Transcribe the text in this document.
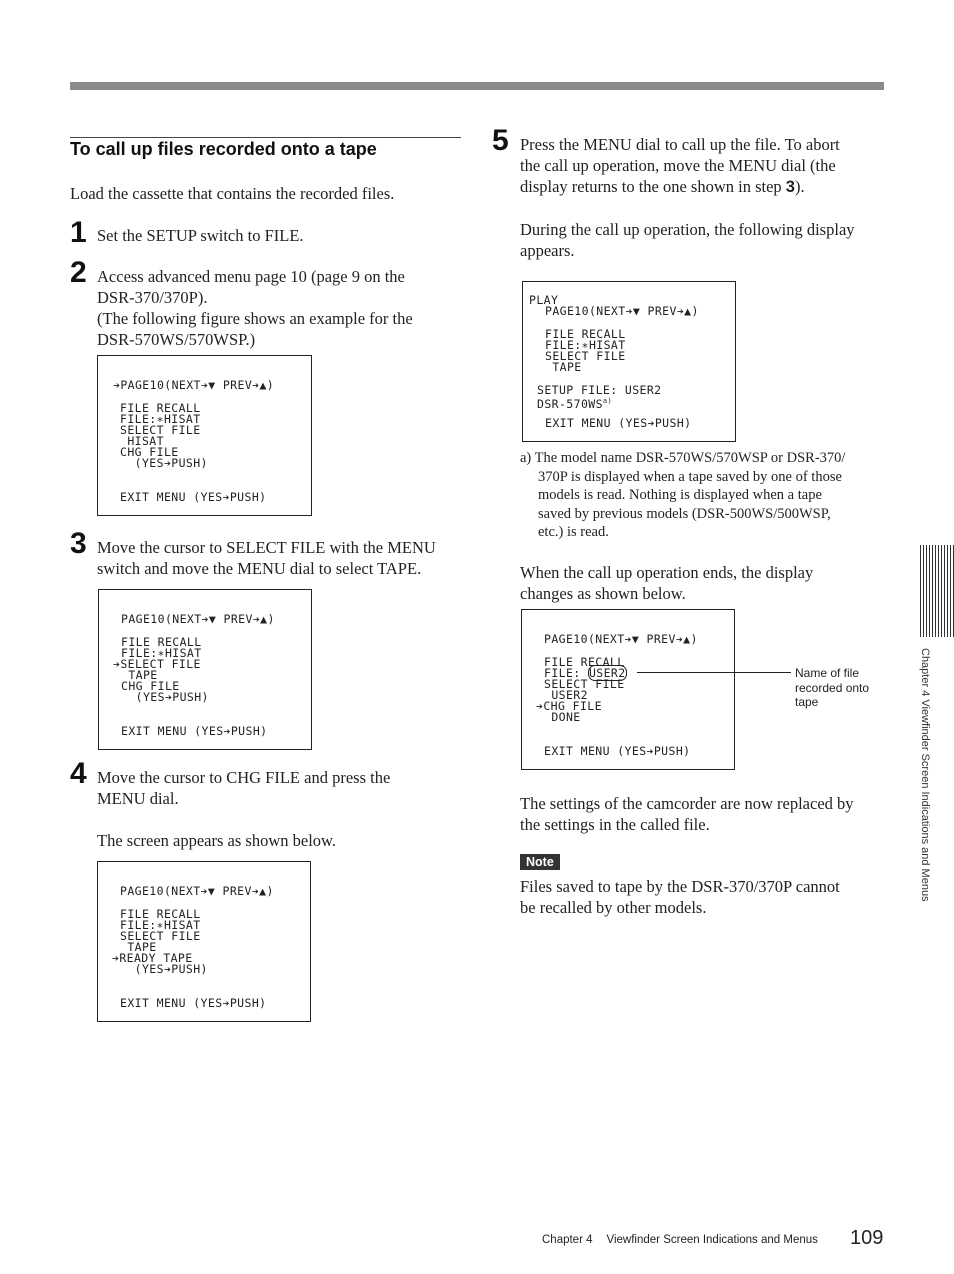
To call up files recorded onto a tape
Load the cassette that contains the recorded files.
1 Set the SETUP switch to FILE.
2 Access advanced menu page 10 (page 9 on the
DSR-370/370P).
(The following figure shows an example for the
DSR-570WS/570WSP.)
➔PAGE10(NEXT➔▼ PREV➔▲)
FILE RECALL
FILE:∗HISAT
SELECT FILE
HISAT
CHG FILE
(YES➔PUSH)
EXIT MENU (YES➔PUSH)
3 Move the cursor to SELECT FILE with the MENU
switch and move the MENU dial to select TAPE.
PAGE10(NEXT➔▼ PREV➔▲)
FILE RECALL
FILE:∗HISAT
➔SELECT FILE
TAPE
CHG FILE
(YES➔PUSH)
EXIT MENU (YES➔PUSH)
4 Move the cursor to CHG FILE and press the
MENU dial.
The screen appears as shown below.
PAGE10(NEXT➔▼ PREV➔▲)
FILE RECALL
FILE:∗HISAT
SELECT FILE
TAPE
➔READY TAPE
(YES➔PUSH)
EXIT MENU (YES➔PUSH)
5 Press the MENU dial to call up the file. To abort
the call up operation, move the MENU dial (the
display returns to the one shown in step 3).
During the call up operation, the following display
appears.
PLAY
PAGE10(NEXT➔▼ PREV➔▲)
FILE RECALL
FILE:∗HISAT
SELECT FILE
TAPE
SETUP FILE: USER2
DSR-570WS$^{a)}$
EXIT MENU (YES➔PUSH)
a) The model name DSR-570WS/570WSP or DSR-370/
370P is displayed when a tape saved by one of those
models is read. Nothing is displayed when a tape
saved by previous models (DSR-500WS/500WSP,
etc.) is read.
When the call up operation ends, the display
changes as shown below.
PAGE10(NEXT➔▼ PREV➔▲)
FILE RECALL
FILE: USER2
SELECT FILE
USER2
➔CHG FILE
DONE
EXIT MENU (YES➔PUSH)
Name of file
recorded onto
tape
The settings of the camcorder are now replaced by
the settings in the called file.
Note
Files saved to tape by the DSR-370/370P cannot
be recalled by other models.
Chapter 4 Viewfinder Screen Indications and Menus
Chapter 4 Viewfinder Screen Indications and Menus 109
